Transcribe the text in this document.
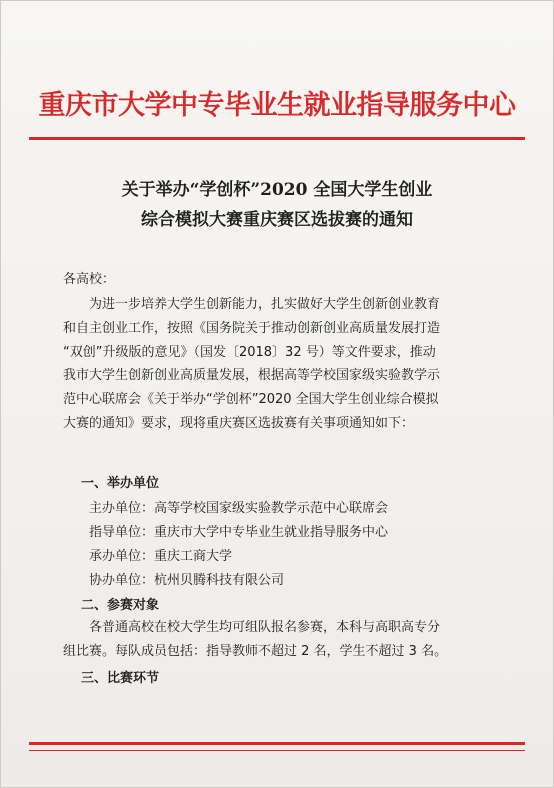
重庆市大学中专毕业生就业指导服务中心
关于举办“学创杯”2020 全国大学生创业
综合模拟大赛重庆赛区选拔赛的通知
各高校：

为进一步培养大学生创新能力，扎实做好大学生创新创业教育

和自主创业工作，按照《国务院关于推动创新创业高质量发展打造

“双创”升级版的意见》（国发〔2018〕32 号）等文件要求，推动

我市大学生创新创业高质量发展，根据高等学校国家级实验教学示

范中心联席会《关于举办“学创杯”2020 全国大学生创业综合模拟

大赛的通知》要求，现将重庆赛区选拔赛有关事项通知如下：

一、举办单位
主办单位：高等学校国家级实验教学示范中心联席会
指导单位：重庆市大学中专毕业生就业指导服务中心
承办单位：重庆工商大学
协办单位：杭州贝腾科技有限公司
二、参赛对象

各普通高校在校大学生均可组队报名参赛，本科与高职高专分

组比赛。每队成员包括：指导教师不超过 2 名，学生不超过 3 名。

三、比赛环节
